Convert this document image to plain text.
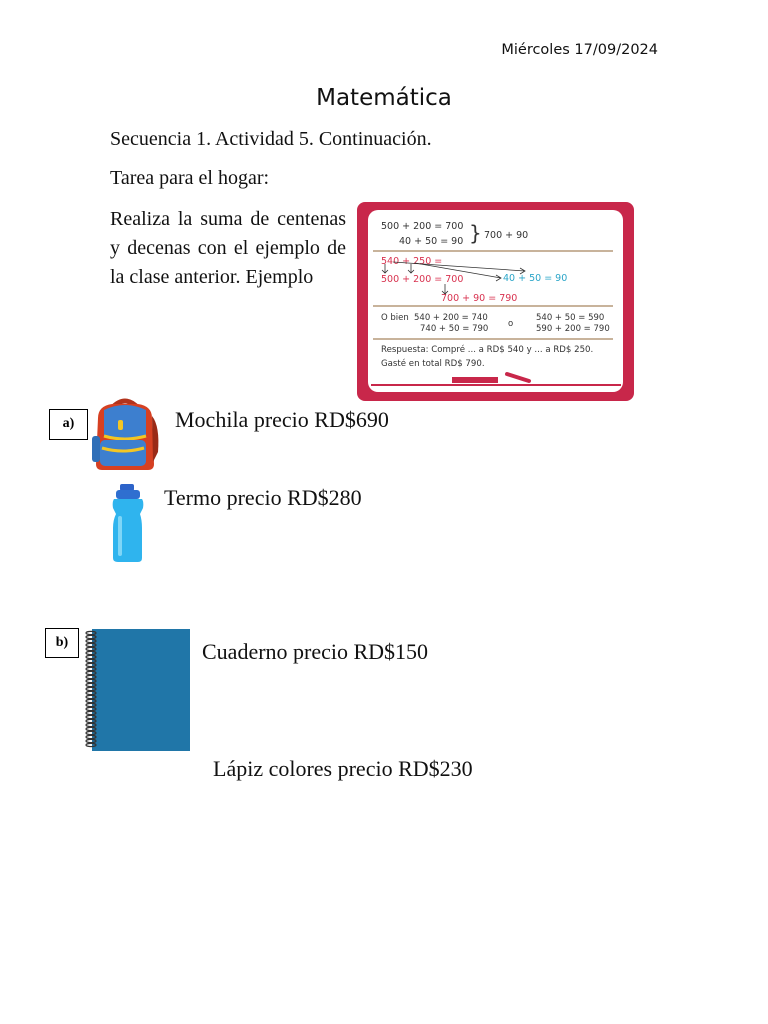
Miércoles 17/09/2024
Matemática
Secuencia 1. Actividad 5. Continuación.
Tarea para el hogar:
Realiza la suma de centenas y decenas con el ejemplo de la clase anterior. Ejemplo
500 + 200 = 700
40 + 50 = 90 } 700 + 90
540 + 250 =
500 + 200 = 700	40 + 50 = 90
700 + 90 = 790
O bien 540 + 200 = 740
740 + 50 = 790 o
540 + 50 = 590
590 + 200 = 790
Respuesta: Compré ... a RD$ 540 y ... a RD$ 250.
Gasté en total RD$ 790.
a)	Mochila precio RD$690
Termo precio RD$280
b)	Cuaderno precio RD$150
Lápiz colores precio RD$230
